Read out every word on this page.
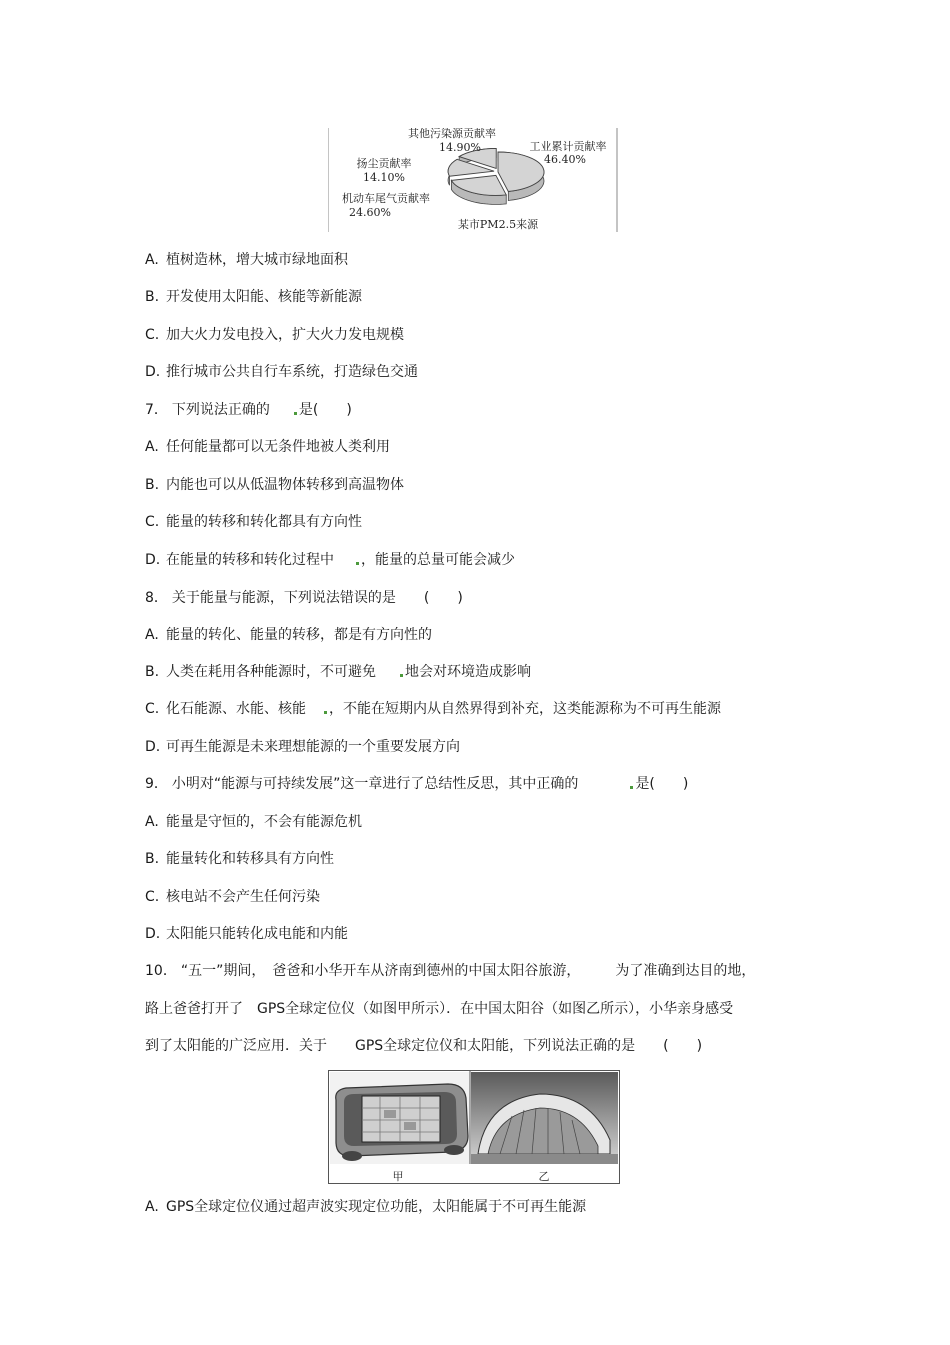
工业累计贡献率
46.40%
机动车尾气贡献率
24.60%
扬尘贡献率
14.10%
其他污染源贡献率
14.90%
某市PM2.5来源
A. 植树造林，增大城市绿地面积
B. 开发使用太阳能、核能等新能源
C. 加大火力发电投入，扩大火力发电规模
D. 推行城市公共自行车系统，打造绿色交通
7． 下列说法正确的 是(　　)
A. 任何能量都可以无条件地被人类利用
B. 内能也可以从低温物体转移到高温物体
C. 能量的转移和转化都具有方向性
D. 在能量的转移和转化过程中 ，能量的总量可能会减少
8． 关于能量与能源，下列说法错误的是　　(　　)
A. 能量的转化、能量的转移，都是有方向性的
B. 人类在耗用各种能源时，不可避免 地会对环境造成影响
C. 化石能源、水能、核能 ，不能在短期内从自然界得到补充，这类能源称为不可再生能源
D. 可再生能源是未来理想能源的一个重要发展方向
9． 小明对“能源与可持续发展”这一章进行了总结性反思，其中正确的	是(　　)
A. 能量是守恒的，不会有能源危机
B. 能量转化和转移具有方向性
C. 核电站不会产生任何污染
D. 太阳能只能转化成电能和内能
10． “五一”期间，　爸爸和小华开车从济南到德州的中国太阳谷旅游，　　　为了准确到达目的地，
路上爸爸打开了　GPS全球定位仪（如图甲所示）．在中国太阳谷（如图乙所示），小华亲身感受
到了太阳能的广泛应用．关于　　GPS全球定位仪和太阳能，下列说法正确的是　　(　　)
甲	乙
A. GPS全球定位仪通过超声波实现定位功能，太阳能属于不可再生能源
